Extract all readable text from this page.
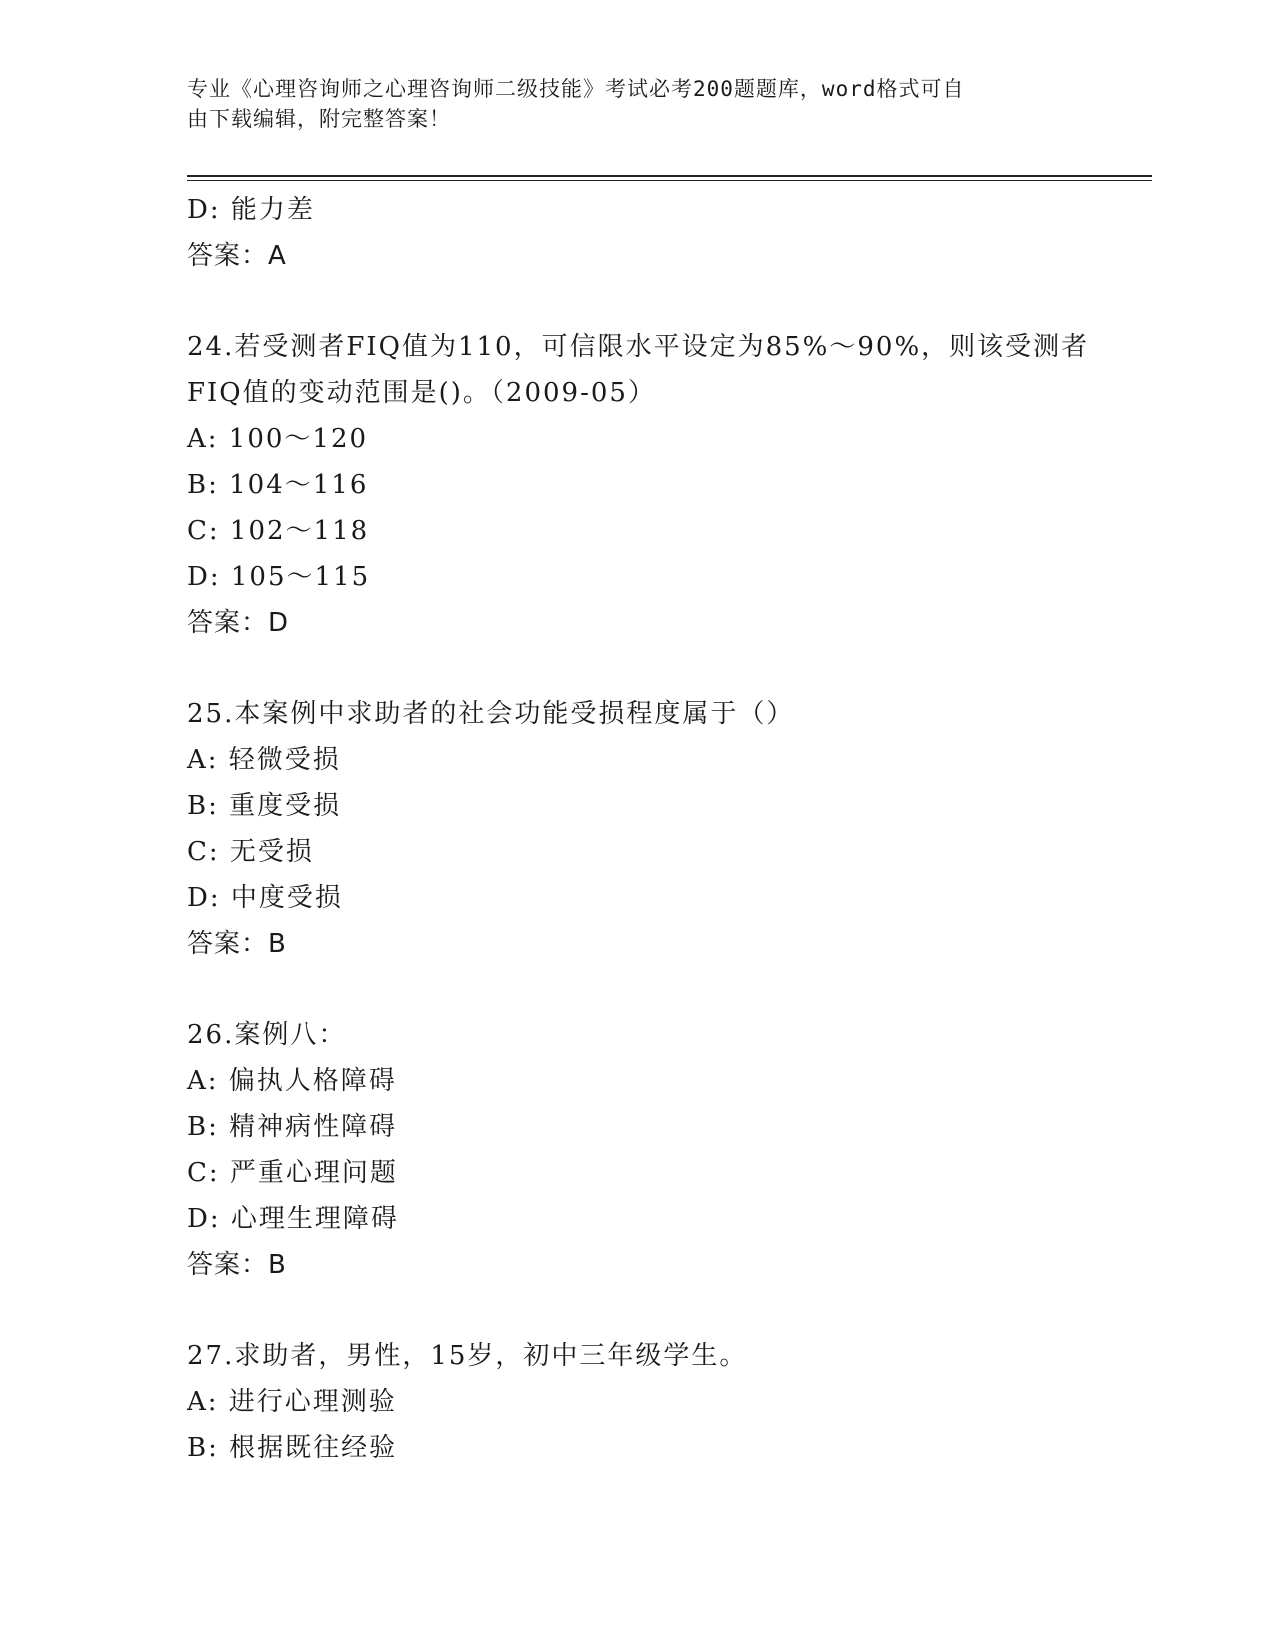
专业《心理咨询师之心理咨询师二级技能》考试必考200题题库，word格式可自
由下载编辑，附完整答案！
D: 能力差
答案：A
24.若受测者FIQ值为110，可信限水平设定为85%～90%，则该受测者
FIQ值的变动范围是()。（2009-05）
A: 100～120
B: 104～116
C: 102～118
D: 105～115
答案：D
25.本案例中求助者的社会功能受损程度属于（）
A: 轻微受损
B: 重度受损
C: 无受损
D: 中度受损
答案：B
26.案例八：
A: 偏执人格障碍
B: 精神病性障碍
C: 严重心理问题
D: 心理生理障碍
答案：B
27.求助者，男性，15岁，初中三年级学生。
A: 进行心理测验
B: 根据既往经验
